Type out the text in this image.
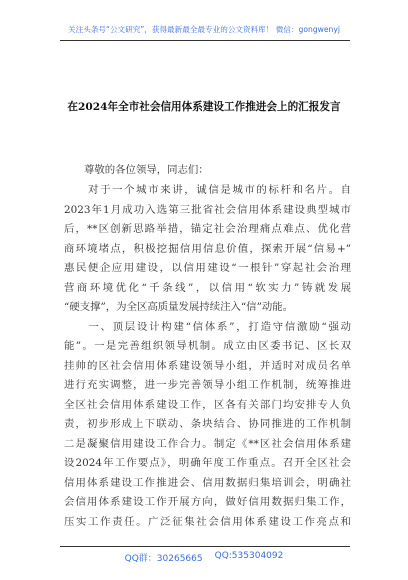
关注头条号“公文研究”，获得最新最全最专业的公文资料库！ 微信：gongwenyj
在2024年全市社会信用体系建设工作推进会上的汇报发言
尊敬的各位领导，同志们：
　　对于一个城市来讲，诚信是城市的标杆和名片。自
2023年1月成功入选第三批省社会信用体系建设典型城市
后，**区创新思路举措，锚定社会治理痛点难点、优化营
商环境堵点，积极挖掘信用信息价值，探索开展“信易+”
惠民便企应用建设，以信用建设“一根针”穿起社会治理
营商环境优化“千条线”，以信用“软实力”铸就发展
“硬支撑”，为全区高质量发展持续注入“信”动能。
　　一、顶层设计构建“信体系”，打造守信激励“强动
能”。一是完善组织领导机制。成立由区委书记、区长双
挂帅的区社会信用体系建设领导小组，并适时对成员名单
进行充实调整，进一步完善领导小组工作机制，统筹推进
全区社会信用体系建设工作，区各有关部门均安排专人负
责，初步形成上下联动、条块结合、协同推进的工作机制
二是凝聚信用建设工作合力。制定《**区社会信用体系建
设2024年工作要点》，明确年度工作重点。召开全区社会
信用体系建设工作推进会、信用数据归集培训会，明确社
会信用体系建设工作开展方向，做好信用数据归集工作，
压实工作责任。广泛征集社会信用体系建设工作亮点和
QQ群：30265665 QQ:535304092
